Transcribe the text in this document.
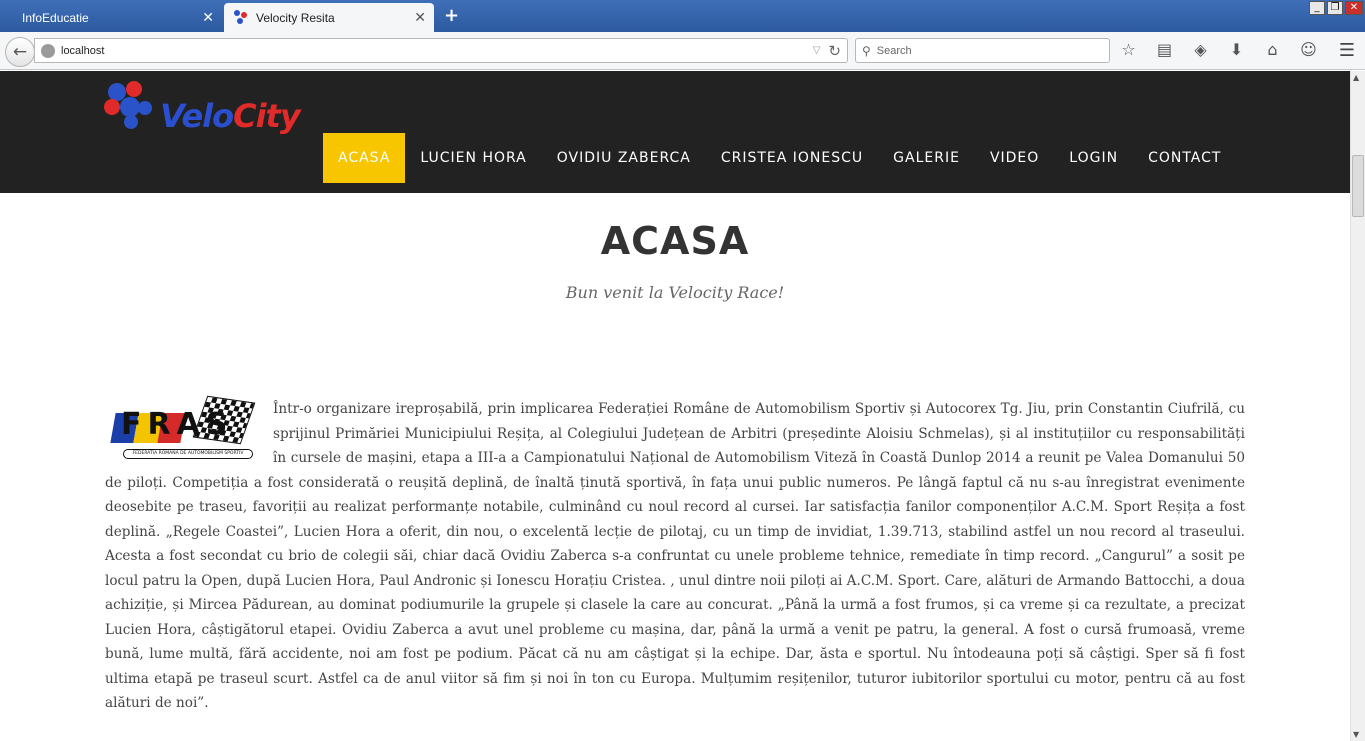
InfoEducatie	✕	Velocity Resita	✕ +	_	❐	✕
←	localhost	▽ ↻ ⚲ Search	☆ ▤ ◈ ⬇	⌂	☺ ☰
VeloCity
ACASA	LUCIEN HORA	OVIDIU ZABERCA	CRISTEA IONESCU	GALERIE	VIDEO	LOGIN	CONTACT
ACASA

Bun venit la Velocity Race!

FRAS
FEDERATIA ROMANA DE AUTOMOBILISM SPORTIV
Într-o organizare ireproșabilă, prin implicarea Federației Române de Automobilism Sportiv și Autocorex Tg. Jiu, prin Constantin Ciufrilă, cu sprijinul Primăriei Municipiului Reșița, al Colegiului Județean de Arbitri (președinte Aloisiu Schmelas), și al instituțiilor cu responsabilități în cursele de mașini, etapa a III-a a Campionatului Național de Automobilism Viteză în Coastă Dunlop 2014 a reunit pe Valea Domanului 50 de piloți. Competiția a fost considerată o reușită deplină, de înaltă ținută sportivă, în fața unui public numeros. Pe lângă faptul că nu s-au înregistrat evenimente deosebite pe traseu, favoriții au realizat performanțe notabile, culminând cu noul record al cursei. Iar satisfacția fanilor componenților A.C.M. Sport Reșița a fost deplină. „Regele Coastei”, Lucien Hora a oferit, din nou, o excelentă lecție de pilotaj, cu un timp de invidiat, 1.39.713, stabilind astfel un nou record al traseului. Acesta a fost secondat cu brio de colegii săi, chiar dacă Ovidiu Zaberca s-a confruntat cu unele probleme tehnice, remediate în timp record. „Cangurul” a sosit pe locul patru la Open, după Lucien Hora, Paul Andronic și Ionescu Horațiu Cristea. , unul dintre noii piloți ai A.C.M. Sport. Care, alături de Armando Battocchi, a doua achiziție, și Mircea Pădurean, au dominat podiumurile la grupele și clasele la care au concurat. „Până la urmă a fost frumos, și ca vreme și ca rezultate, a precizat Lucien Hora, câștigătorul etapei. Ovidiu Zaberca a avut unel probleme cu mașina, dar, până la urmă a venit pe patru, la general. A fost o cursă frumoasă, vreme bună, lume multă, fără accidente, noi am fost pe podium. Păcat că nu am câștigat și la echipe. Dar, ăsta e sportul. Nu întodeauna poți să câștigi. Sper să fi fost ultima etapă pe traseul scurt. Astfel ca de anul viitor să fim și noi în ton cu Europa. Mulțumim reșițenilor, tuturor iubitorilor sportului cu motor, pentru că au fost alături de noi”.
▲
▼
